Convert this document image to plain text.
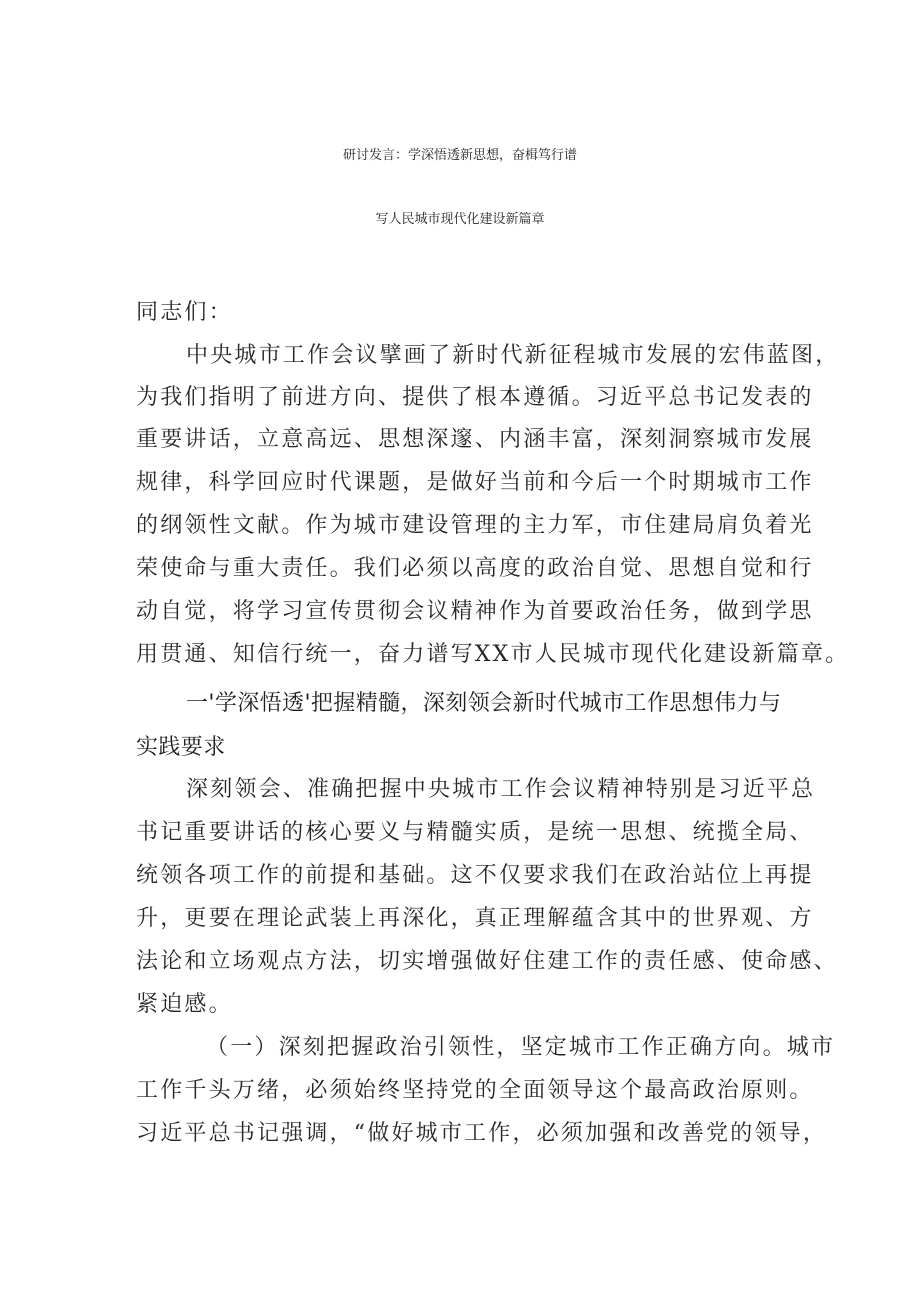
研讨发言：学深悟透新思想，奋楫笃行谱
写人民城市现代化建设新篇章
同志们：
中央城市工作会议擘画了新时代新征程城市发展的宏伟蓝图，
为我们指明了前进方向、提供了根本遵循。习近平总书记发表的
重要讲话，立意高远、思想深邃、内涵丰富，深刻洞察城市发展
规律，科学回应时代课题，是做好当前和今后一个时期城市工作
的纲领性文献。作为城市建设管理的主力军，市住建局肩负着光
荣使命与重大责任。我们必须以高度的政治自觉、思想自觉和行
动自觉，将学习宣传贯彻会议精神作为首要政治任务，做到学思
用贯通、知信行统一，奋力谱写XX市人民城市现代化建设新篇章。
一'学深悟透'把握精髓，深刻领会新时代城市工作思想伟力与
实践要求
深刻领会、准确把握中央城市工作会议精神特别是习近平总
书记重要讲话的核心要义与精髓实质，是统一思想、统揽全局、
统领各项工作的前提和基础。这不仅要求我们在政治站位上再提
升，更要在理论武装上再深化，真正理解蕴含其中的世界观、方
法论和立场观点方法，切实增强做好住建工作的责任感、使命感、
紧迫感。
（一）深刻把握政治引领性，坚定城市工作正确方向。城市
工作千头万绪，必须始终坚持党的全面领导这个最高政治原则。
习近平总书记强调，“做好城市工作，必须加强和改善党的领导，
